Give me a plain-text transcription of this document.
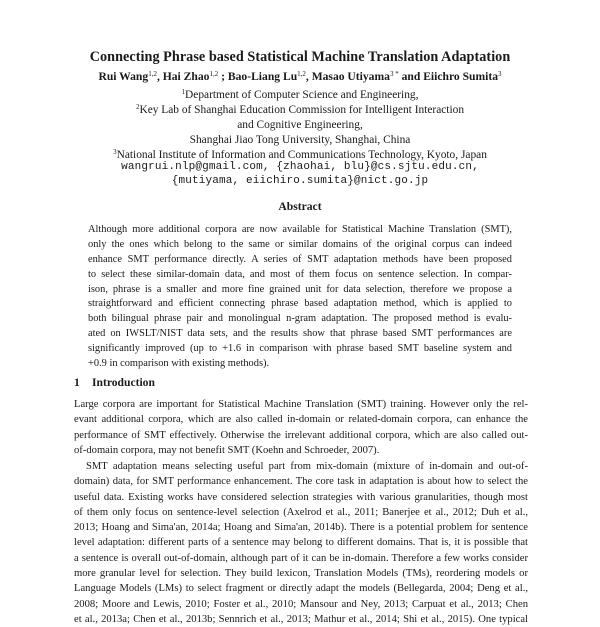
Connecting Phrase based Statistical Machine Translation Adaptation
Rui Wang$^{1,2}$, Hai Zhao$^{1,2}$ ; Bao-Liang Lu$^{1,2}$, Masao Utiyama$^{3 *}$ and Eiichro Sumita$^3$
$^1$Department of Computer Science and Engineering,
$^2$Key Lab of Shanghai Education Commission for Intelligent Interaction
and Cognitive Engineering,
Shanghai Jiao Tong University, Shanghai, China
$^3$National Institute of Information and Communications Technology, Kyoto, Japan
wangrui.nlp@gmail.com, {zhaohai, blu}@cs.sjtu.edu.cn,
{mutiyama, eiichiro.sumita}@nict.go.jp
Abstract
Although more additional corpora are now available for Statistical Machine Translation (SMT),
only the ones which belong to the same or similar domains of the original corpus can indeed
enhance SMT performance directly. A series of SMT adaptation methods have been proposed
to select these similar-domain data, and most of them focus on sentence selection. In compar-
ison, phrase is a smaller and more fine grained unit for data selection, therefore we propose a
straightforward and efficient connecting phrase based adaptation method, which is applied to
both bilingual phrase pair and monolingual n-gram adaptation. The proposed method is evalu-
ated on IWSLT/NIST data sets, and the results show that phrase based SMT performances are
significantly improved (up to +1.6 in comparison with phrase based SMT baseline system and
+0.9 in comparison with existing methods).
1 Introduction
Large corpora are important for Statistical Machine Translation (SMT) training. However only the rel-
evant additional corpora, which are also called in-domain or related-domain corpora, can enhance the
performance of SMT effectively. Otherwise the irrelevant additional corpora, which are also called out-
of-domain corpora, may not benefit SMT (Koehn and Schroeder, 2007).
SMT adaptation means selecting useful part from mix-domain (mixture of in-domain and out-of-
domain) data, for SMT performance enhancement. The core task in adaptation is about how to select the
useful data. Existing works have considered selection strategies with various granularities, though most
of them only focus on sentence-level selection (Axelrod et al., 2011; Banerjee et al., 2012; Duh et al.,
2013; Hoang and Sima'an, 2014a; Hoang and Sima'an, 2014b). There is a potential problem for sentence
level adaptation: different parts of a sentence may belong to different domains. That is, it is possible that
a sentence is overall out-of-domain, although part of it can be in-domain. Therefore a few works consider
more granular level for selection. They build lexicon, Translation Models (TMs), reordering models or
Language Models (LMs) to select fragment or directly adapt the models (Bellegarda, 2004; Deng et al.,
2008; Moore and Lewis, 2010; Foster et al., 2010; Mansour and Ney, 2013; Carpuat et al., 2013; Chen
et al., 2013a; Chen et al., 2013b; Sennrich et al., 2013; Mathur et al., 2014; Shi et al., 2015). One typical
